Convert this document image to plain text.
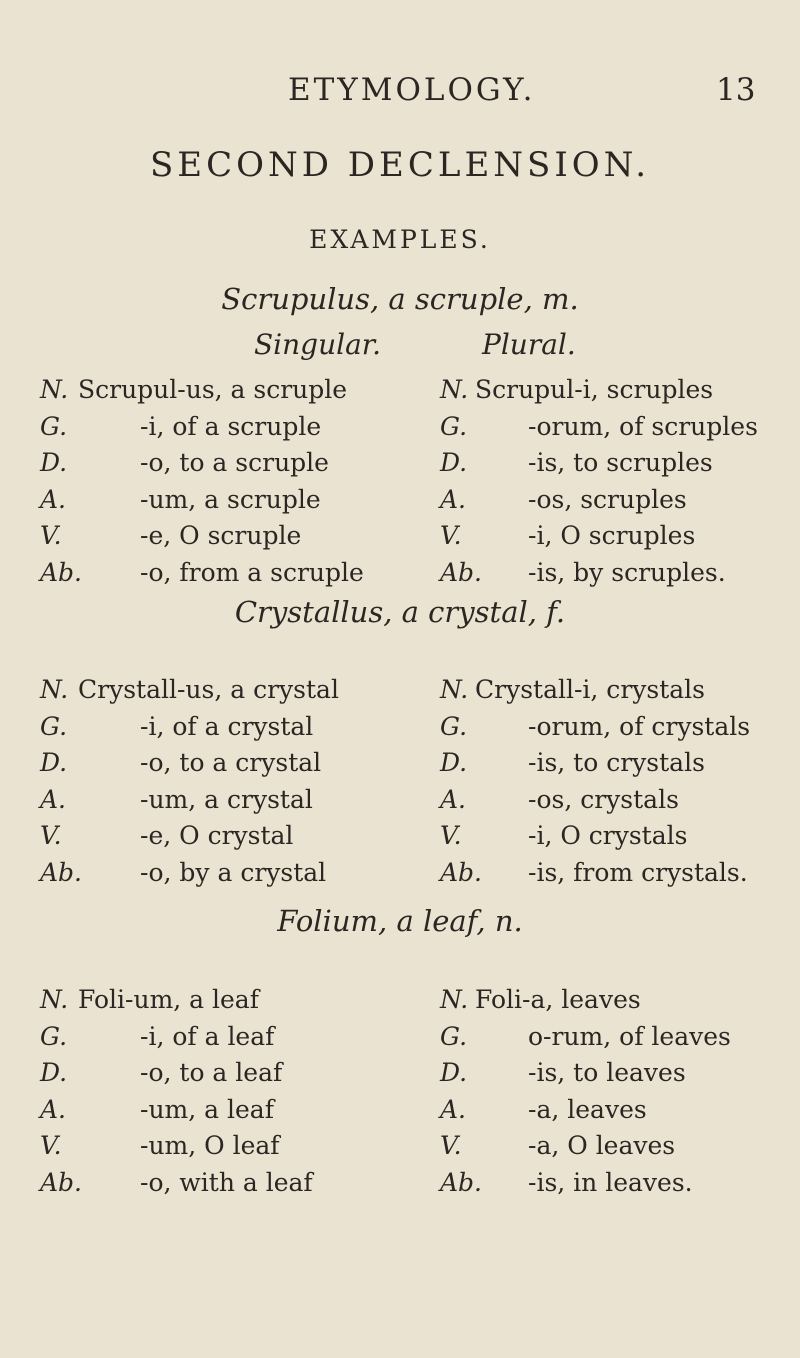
ETYMOLOGY.	13
SECOND DECLENSION.
EXAMPLES.
Scrupulus, a scruple, m.
Singular.	Plural.
N. Scrupul-us, a scruple	N. Scrupul-i, scruples
G.	-i, of a scruple	G. -orum, of scruples
D.	-o, to a scruple	D. -is, to scruples
A.	-um, a scruple	A. -os, scruples
V.	-e, O scruple	V.	-i, O scruples
Ab. -o, from a scruple	Ab. -is, by scruples.
Crystallus, a crystal, f.
N. Crystall-us, a crystal	N. Crystall-i, crystals
G.	-i, of a crystal	G. -orum, of crystals
D.	-o, to a crystal	D. -is, to crystals
A.	-um, a crystal	A. -os, crystals
V.	-e, O crystal	V.	-i, O crystals
Ab. -o, by a crystal	Ab. -is, from crystals.
Folium, a leaf, n.
N. Foli-um, a leaf	N. Foli-a, leaves
G.	-i, of a leaf	G. o-rum, of leaves
D.	-o, to a leaf	D. -is, to leaves
A.	-um, a leaf	A. -a, leaves
V.	-um, O leaf	V.	-a, O leaves
Ab. -o, with a leaf	Ab. -is, in leaves.
